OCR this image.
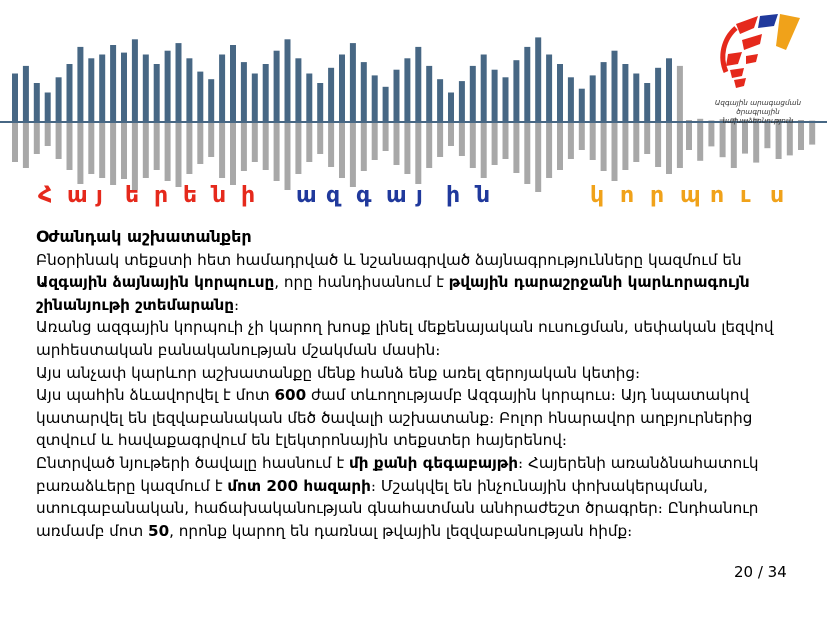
Հ ա յ ե ր ե ն ի ա զ գ ա յ ի ն	կ ո ր պ ո ւ ս
Ազգային արագացման
ծրագրային
նախաձեռնություն
Օժանդակ աշխատանքեր

Բնօրինակ տեքստի հետ համադրված և նշանագրված ձայնագրությունները կազմում են Ազգային ձայնային կորպուսը, որը հանդիսանում է թվային դարաշրջանի կարևորագույն շինանյութի շտեմարանը։

Առանց ազգային կորպուի չի կարող խոսք լինել մեքենայական ուսուցման, սեփական լեզվով արհեստական բանականության մշակման մասին։

Այս անչափ կարևոր աշխատանքը մենք հանձ ենք առել զերոյական կետից։

Այս պահին ձևավորվել է մոտ 600 ժամ տևողությամբ Ազգային կորպուս։ Այդ նպատակով կատարվել են լեզվաբանական մեծ ծավալի աշխատանք։ Բոլոր հնարավոր աղբյուրներից զտվում և հավաքագրվում են էլեկտրոնային տեքստեր հայերենով։

Ընտրված նյութերի ծավալը հասնում է մի քանի գեգաբայթի։ Հայերենի առանձնահատուկ բառաձևերը կազմում է մոտ 200 հազարի։ Մշակվել են ինչունային փոխակերպման, ստուգաբանական, հաճախականության գնահատման անհրաժեշտ ծրագրեր։ Ընդհանուր առմամբ մոտ 50, որոնք կարող են դառնալ թվային լեզվաբանության հիմք։

20 / 34
